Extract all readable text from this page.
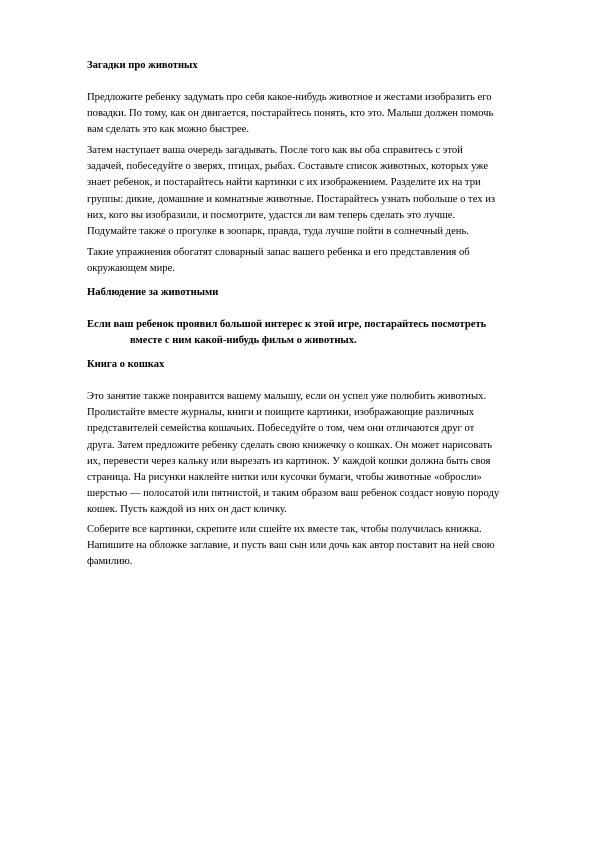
Загадки про животных

Предложите ребенку задумать про себя какое-нибудь животное и жестами изобразить его

повадки. По тому, как он двигается, постарайтесь понять, кто это. Малыш должен помочь

вам сделать это как можно быстрее.

Затем наступает ваша очередь загадывать. После того как вы оба справитесь с этой

задачей, побеседуйте о зверях, птицах, рыбах. Составьте список животных, которых уже

знает ребенок, и постарайтесь найти картинки с их изображением. Разделите их на три

группы: дикие, домашние и комнатные животные. Постарайтесь узнать побольше о тех из

них, кого вы изобразили, и посмотрите, удастся ли вам теперь сделать это лучше.

Подумайте также о прогулке в зоопарк, правда, туда лучше пойти в солнечный день.

Такие упражнения обогатят словарный запас вашего ребенка и его представления об

окружающем мире.

Наблюдение за животными

Если ваш ребенок проявил большой интерес к этой игре, постарайтесь посмотреть

вместе с ним какой-нибудь фильм о животных.

Книга о кошках

Это занятие также понравится вашему малышу, если он успел уже полюбить животных.

Пролистайте вместе журналы, книги и поищите картинки, изображающие различных

представителей семейства кошачьих. Побеседуйте о том, чем они отличаются друг от

друга. Затем предложите ребенку сделать свою книжечку о кошках. Он может нарисовать

их, перевести через кальку или вырезать из картинок. У каждой кошки должна быть своя

страница. На рисунки наклейте нитки или кусочки бумаги, чтобы животные «обросли»

шерстью — полосатой или пятнистой, и таким образом ваш ребенок создаст новую породу

кошек. Пусть каждой из них он даст кличку.

Соберите все картинки, скрепите или сшейте их вместе так, чтобы получилась книжка.

Напишите на обложке заглавие, и пусть ваш сын или дочь как автор поставит на ней свою

фамилию.
